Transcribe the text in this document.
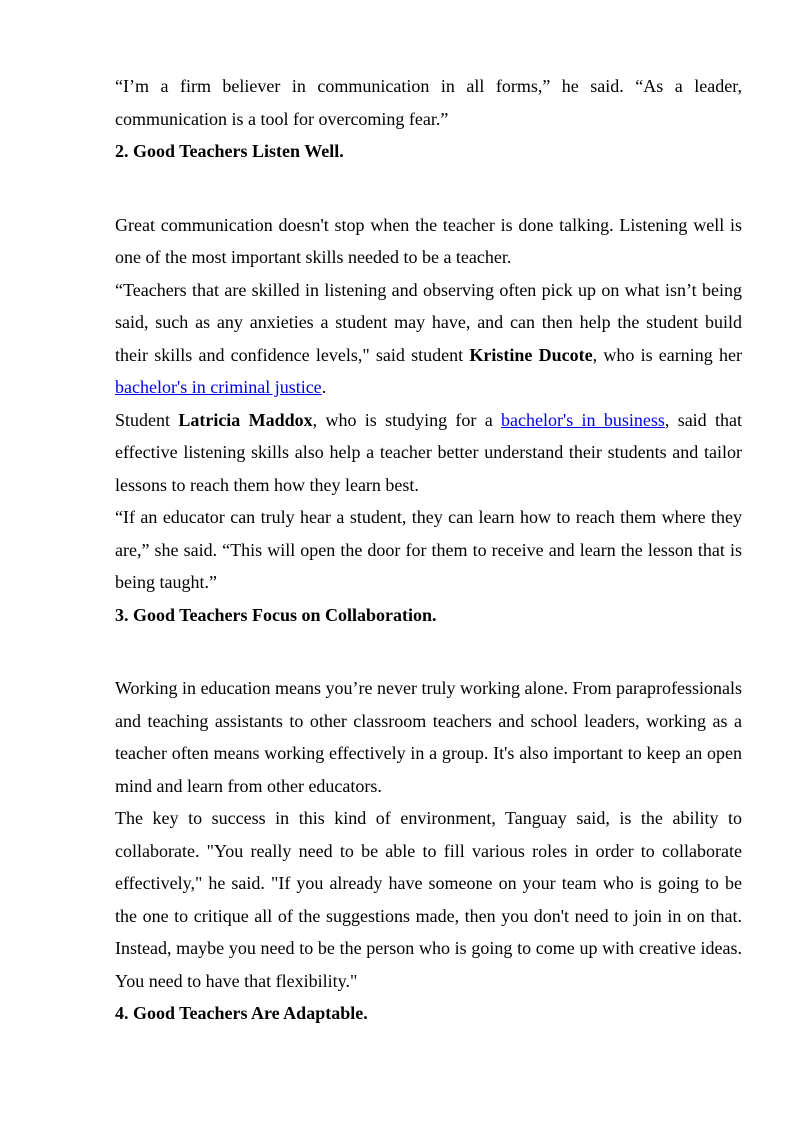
“I’m a firm believer in communication in all forms,” he said. “As a leader, communication is a tool for overcoming fear.”

2. Good Teachers Listen Well.

Great communication doesn't stop when the teacher is done talking. Listening well is one of the most important skills needed to be a teacher.

“Teachers that are skilled in listening and observing often pick up on what isn’t being said, such as any anxieties a student may have, and can then help the student build their skills and confidence levels," said student Kristine Ducote, who is earning her bachelor's in criminal justice.

Student Latricia Maddox, who is studying for a bachelor's in business, said that effective listening skills also help a teacher better understand their students and tailor lessons to reach them how they learn best.

“If an educator can truly hear a student, they can learn how to reach them where they are,” she said. “This will open the door for them to receive and learn the lesson that is being taught.”

3. Good Teachers Focus on Collaboration.

Working in education means you’re never truly working alone. From paraprofessionals and teaching assistants to other classroom teachers and school leaders, working as a teacher often means working effectively in a group. It's also important to keep an open mind and learn from other educators.

The key to success in this kind of environment, Tanguay said, is the ability to collaborate. "You really need to be able to fill various roles in order to collaborate effectively," he said. "If you already have someone on your team who is going to be the one to critique all of the suggestions made, then you don't need to join in on that. Instead, maybe you need to be the person who is going to come up with creative ideas. You need to have that flexibility."

4. Good Teachers Are Adaptable.
